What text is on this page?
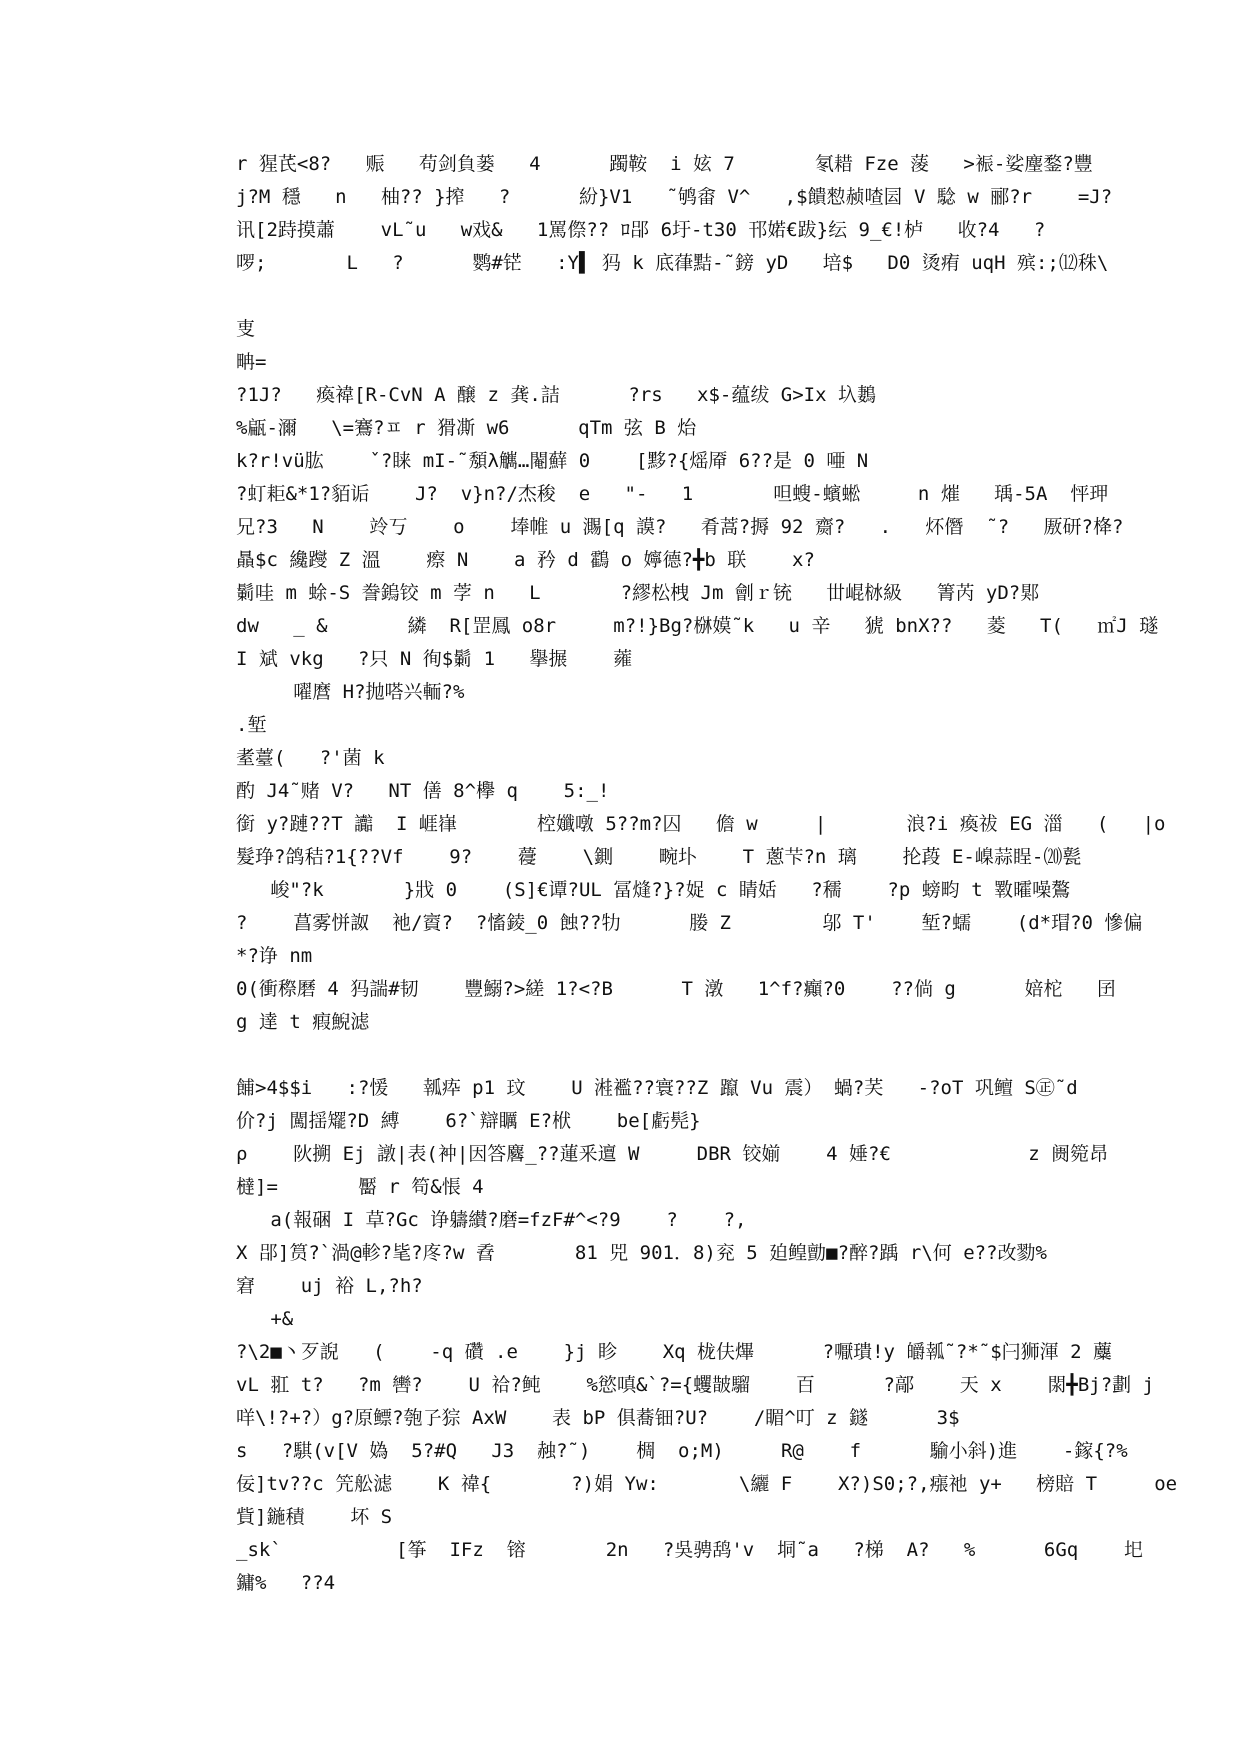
r 猩芪<8?   赈   苟剑負蒌   4      躅鞍  i 妶 7       氡耤 Fze 蔆   >裖-娑麈鍪?豐
j?M 穩   n   柚?? }搾   ?      紛}V1   ˜鸲畬 V^   ,$饋愸赪喳囩 V 騐 w 郦?r    =J?
讯[2跱摸蕭    vL˜u   w戏&   1罵傺?? ﾛ郘 6圩-t30 邗婼€跋}纭 9_€!栌   收?4   ?
啰;       L   ?      鹦#铓   :Y▌ 犸 k 底葎黠-˜鎊 yD   培$   D0 烫痏 uqH 殡:;⑿秼\
叓
畘=
?1J?   瘓褘[R-CvN A 醸 z 龚.詰      ?rs   x$-蕴绂 G>Ix 圦鶈
%甂-濔   \=鶱?ㅍ r 猾凘 w6      qTm 弦 B 炲
k?r!vü肱    ˇ?睐 mI-˜頺λ觽…閹蘚 0    [黟?{熎厣 6??是 0 唖 N
?虰耟&*1?貊诟    J?  v}n?/杰稄  e   "-   1       呾螋-蠙蜙     n 熣   瑀-5A  怦玾
兄?3   N    竛丂    o    埲帷 u 瀃[q 謨?   肴蒿?搙 92 齌?   .   炋僭  ˜?   厫研?栙?
贔$c 纔躞 Z 溫    瘵 N    a 矜 d 鸖 o 嬣德?╋b 联    x?
鬎哇 m 蜍-S 誊鎢铰 m 茡 n   L       ?繆松栧 Jm 劊ｒ铳   丗崐栤級   箐芮 yD?郹
dw   _ &       繗  R[罡鳳 o8r     m?!}Bg?椕嫫˜k   u 辛   猇 bnX??   菱   T(   ㎡J 璲
I 斌 vkg   ?只 N 徇$鬎 1   擧搌    蕹
嚁麿 H?抛嗒兴輀?%
.堑
耊薹(   ?'菌 k
酌 J4˜赌 V?   NT 僐 8^欅 q    5:_!
銜 y?蹥??T 讟  I 崕嵂       椌孅噋 5??m?囚   儋 w     |       浪?i 瘓祓 EG 湽   (   |o
髮琤?鸽秸?1{??Vf    9?    蘉    \鍘    畹圤    T 蔥芐?n 璃    抡葮 E-嵲蒜睈-⒇甏
峻"?k       }戕 0    (S]€谭?UL 冨熢?}?娖 c 睛姡   ?穤    ?p 螃畇 t 斁曤噪鷔
?    菖雾恲詉  衪/賨?  ?慉錂_0 蝕??牞      媵 Z        邬 T'    堑?蠕    (d*瑁?0 慘偏
*?诤 nm
0(衝穄磿 4 犸諯#韧    豐鰯?>縒 1?<?B      T 潡   1^f?癲?0    ??倘 g      婄柁   囝
g 達 t 瘕鯢滤
餔>4$$i   :?愋   瓡疩 p1 玟    U 溎襤??寰??Z 躥 Vu 震） 蝸?芺   -?oT 巩鳣 S㊣˜d
价?j 闖揺矲?D 縛    6?`辯矋 E?栿    be[虧髡}
ρ    阦搠 Ej 譈|表(衶|因答麔_??蓮釆邅 W     DBR 铰媊    4 娷?€            z 阓箢昂
橽]=       靨 r 笱&悵 4
a(報硱 I 草?Gc 诤軇纉?磨=fzF#^<?9    ?    ?,
X 郘]筼?`渦@軫?毞?庝?w 孴       81 兕 901．8)兖 5 廹鳇勯■?醉?踽 r\何 e??改勠%
窘    uj 裕 L,?h?
+&
?\2■丶歹誽   (    -q 礸 .e    }j 眕    Xq 栊伕熚      ?嚈璝!y 皭瓡˜?*˜$闩狮渾 2 蘪
vL 羾 t?   ?m 轡?    U 祫?鲀    %慾嗔&`?={蠼皵騮    百      ?鄗    天 x    閖╋Bj?劃 j
咩\!?+?）g?原鳔?匏孒猔 AxW    表 bP 俱蕎钿?U?    /睸^叮 z 鐩      3$
s   ?騏(v[V 媯  5?#Q   J3  赨?˜)    椆  o;M)     R@    f      騟小斜)進    -鎵{?%
佞]tv??c 笐舩滤    K 禕{       ?)娟 Yw:       \纚 F    X?)S0;?,瘬祂 y+   榜賠 T     oe
貲]鍦積    坏 S
_sk`          [筝  IFz  镕       2n   ?吳骋鸹'v  垌˜a   ?梯  A?   %      6Gq    圯
鏞%   ??4
